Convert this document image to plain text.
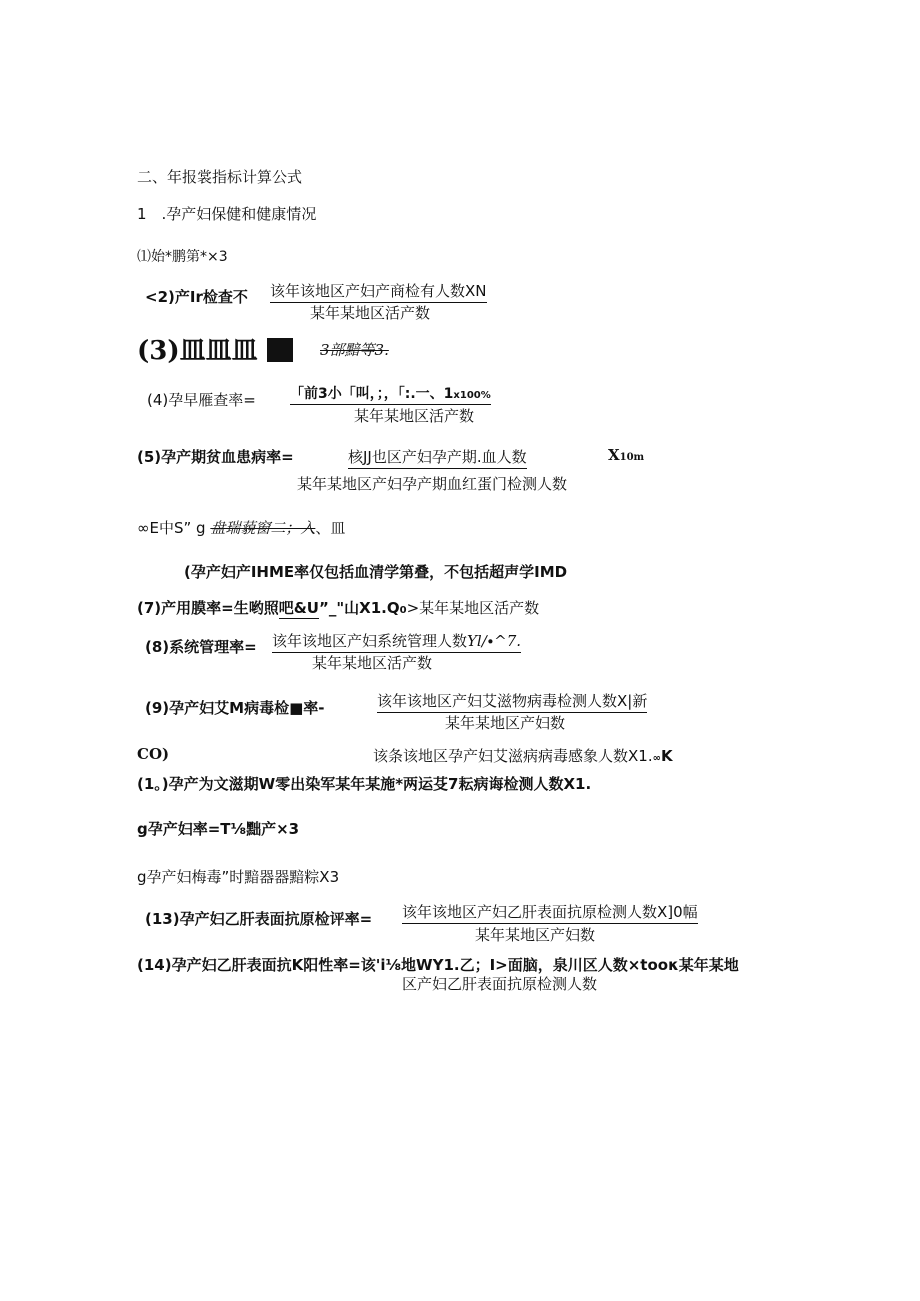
二、年报裳指标计算公式
1　.孕产妇保健和健康情况
⑴始*鹏第*×3
<2)产Ir检查不 该年该地区产妇产商检有人数XN
某年某地区活产数
(3)皿皿皿	3部黯等3.
(4)孕早雁查率= 「前3小「叫，；，「:.一、1x100%
某年某地区活产数
(5)孕产期贫血患病率=	核JJ也区产妇孕产期.血人数	X10m
某年某地区产妇孕产期血红蛋门检测人数
∞E中S” g 盘瑞藐窗二；入、皿
(孕产妇产IHME率仅包括血清学第叠，不包括超声学IMD
(7)产用膜率=生哟照吧&U”_"山X1.Q0>某年某地区活产数
(8)系统管理率= 该年该地区产妇系统管理人数Yl∕∙^7.
某年某地区活产数
(9)孕产妇艾M病毒检■率-	该年该地区产妇艾滋物病毒检测人数X|新
某年某地区产妇数
CO)	该条该地区孕产妇艾滋病病毒感象人数X1.∞K
(1。)孕产为文滋期W零出染军某年某施*两运芟7耘病诲检测人数X1.
g孕产妇率=T⅛黜产×3
g孕产妇梅毒”时黯器器黯粽X3
(13)孕产妇乙肝表面抗原检评率= 该年该地区产妇乙肝表面抗原检测人数X]0幅
某年某地区产妇数
(14)孕产妇乙肝表面抗K阳性率=该'i⅛地WY1.乙；I>面脑，泉川区人数×tooκ某年某地
区产妇乙肝表面抗原检测人数
